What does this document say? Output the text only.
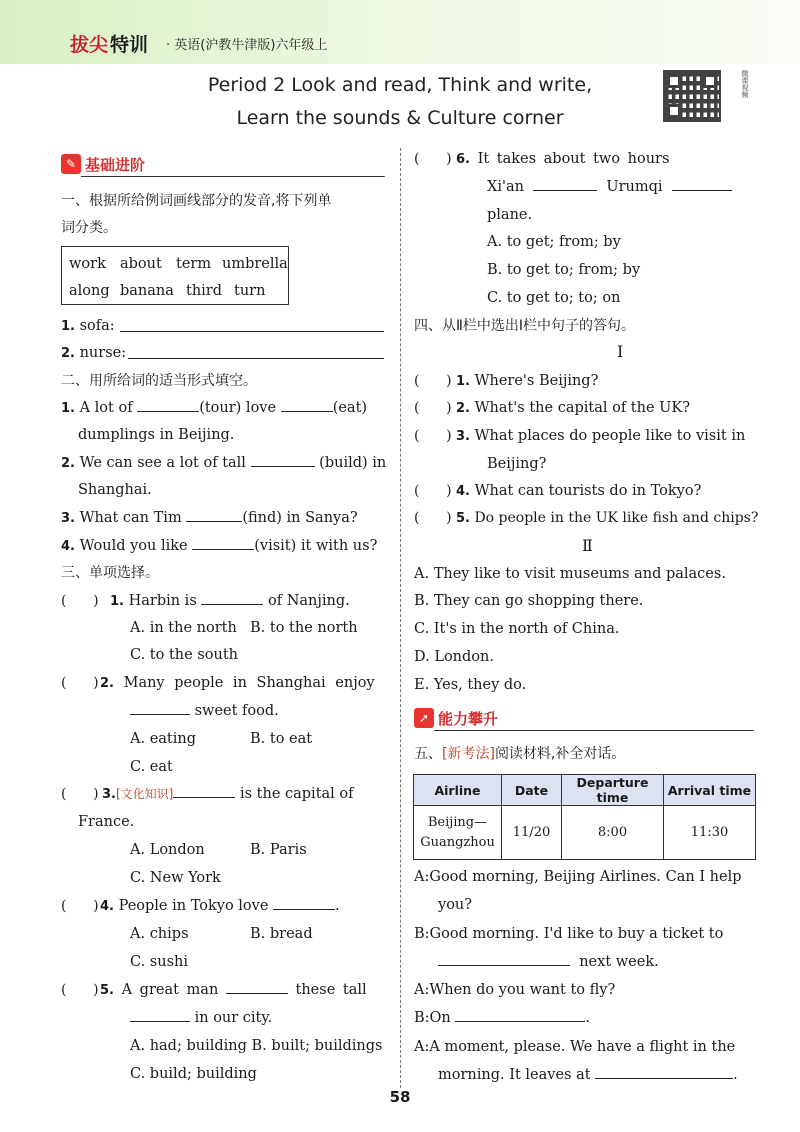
拔尖 特训 · 英语(沪教牛津版)六年级上
Period 2 Look and read, Think and write,
Learn the sounds & Culture corner
微课视频
✎ 基础进阶
一、根据所给例词画线部分的发音,将下列单
词分类。
work about term umbrella
along banana third turn
1. sofa:
2. nurse:
二、用所给词的适当形式填空。
1. A lot of	(tour) love	(eat)
dumplings in Beijing.
2. We can see a lot of tall	(build) in
Shanghai.
3. What can Tim	(find) in Sanya?
4. Would you like	(visit) it with us?
三、单项选择。
(      ) 1. Harbin is	of Nanjing.
A. in the north B. to the north
C. to the south
(      ) 2. Many people in Shanghai enjoy
sweet food.
A. eating	B. to eat
C. eat
(      ) 3.[文化知识]	is the capital of
France.
A. London	B. Paris
C. New York
(      ) 4. People in Tokyo love	.
A. chips	B. bread
C. sushi
(      ) 5. A great man	these tall
in our city.
A. had; building B. built; buildings
C. build; building
(      ) 6. It takes about two hours
Xi'an	Urumqi
plane.
A. to get; from; by
B. to get to; from; by
C. to get to; to; on
四、从Ⅱ栏中选出Ⅰ栏中句子的答句。
Ⅰ
(      ) 1. Where's Beijing?
(      ) 2. What's the capital of the UK?
(      ) 3. What places do people like to visit in
Beijing?
(      ) 4. What can tourists do in Tokyo?
(      ) 5. Do people in the UK like fish and chips?
Ⅱ
A. They like to visit museums and palaces.
B. They can go shopping there.
C. It's in the north of China.
D. London.
E. Yes, they do.
➚ 能力攀升
五、[新考法]阅读材料,补全对话。
Airline	Date	Departure time	Arrival time
Beijing—
Guangzhou	11/20	8:00	11:30
A:Good morning, Beijing Airlines. Can I help
you?
B:Good morning. I'd like to buy a ticket to
next week.
A:When do you want to fly?
B:On	.
A:A moment, please. We have a flight in the
morning. It leaves at	.
58
